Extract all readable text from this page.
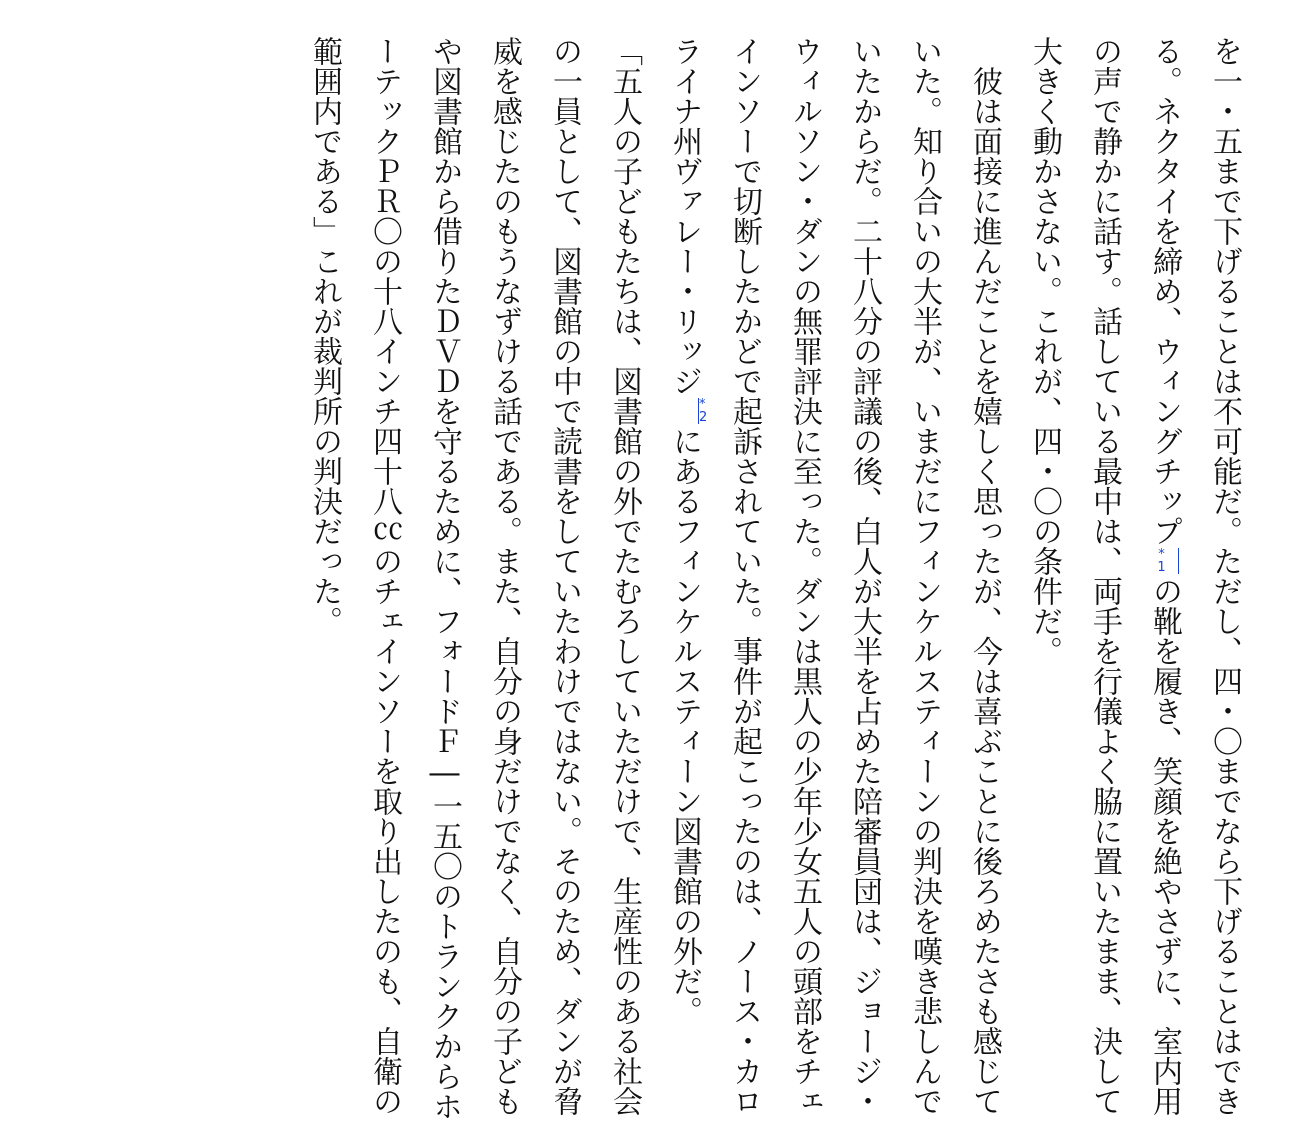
を一・五まで下げることは不可能だ。ただし、四・〇までなら下げることはできる。ネクタイを締め、ウィングチップ
*
1
の靴を履き、笑顔を絶やさずに、室内用の声で静かに話す。話している最中は、両手を行儀よく脇に置いたまま、決して大きく動かさない。これが、四・〇の条件だ。

彼は面接に進んだことを嬉しく思ったが、今は喜ぶことに後ろめたさも感じていた。知り合いの大半が、いまだにフィンケルスティーンの判決を嘆き悲しんでいたからだ。二十八分の評議の後、白人が大半を占めた陪審員団は、ジョージ・ウィルソン・ダンの無罪評決に至った。ダンは黒人の少年少女五人の頭部をチェインソーで切断したかどで起訴されていた。事件が起こったのは、ノース・カロライナ州ヴァレー・リッジ
*
2
にあるフィンケルスティーン図書館の外だ。

「五人の子どもたちは、図書館の外でたむろしていただけで、生産性のある社会の一員として、図書館の中で読書をしていたわけではない。そのため、ダンが脅威を感じたのもうなずける話である。また、自分の身だけでなく、自分の子どもや図書館から借りたＤＶＤを守るために、フォードＦ―一五〇のトランクからホーテックＰＲ〇の十八インチ四十八㏄のチェインソーを取り出したのも、自衛の範囲内である」これが裁判所の判決だった。
